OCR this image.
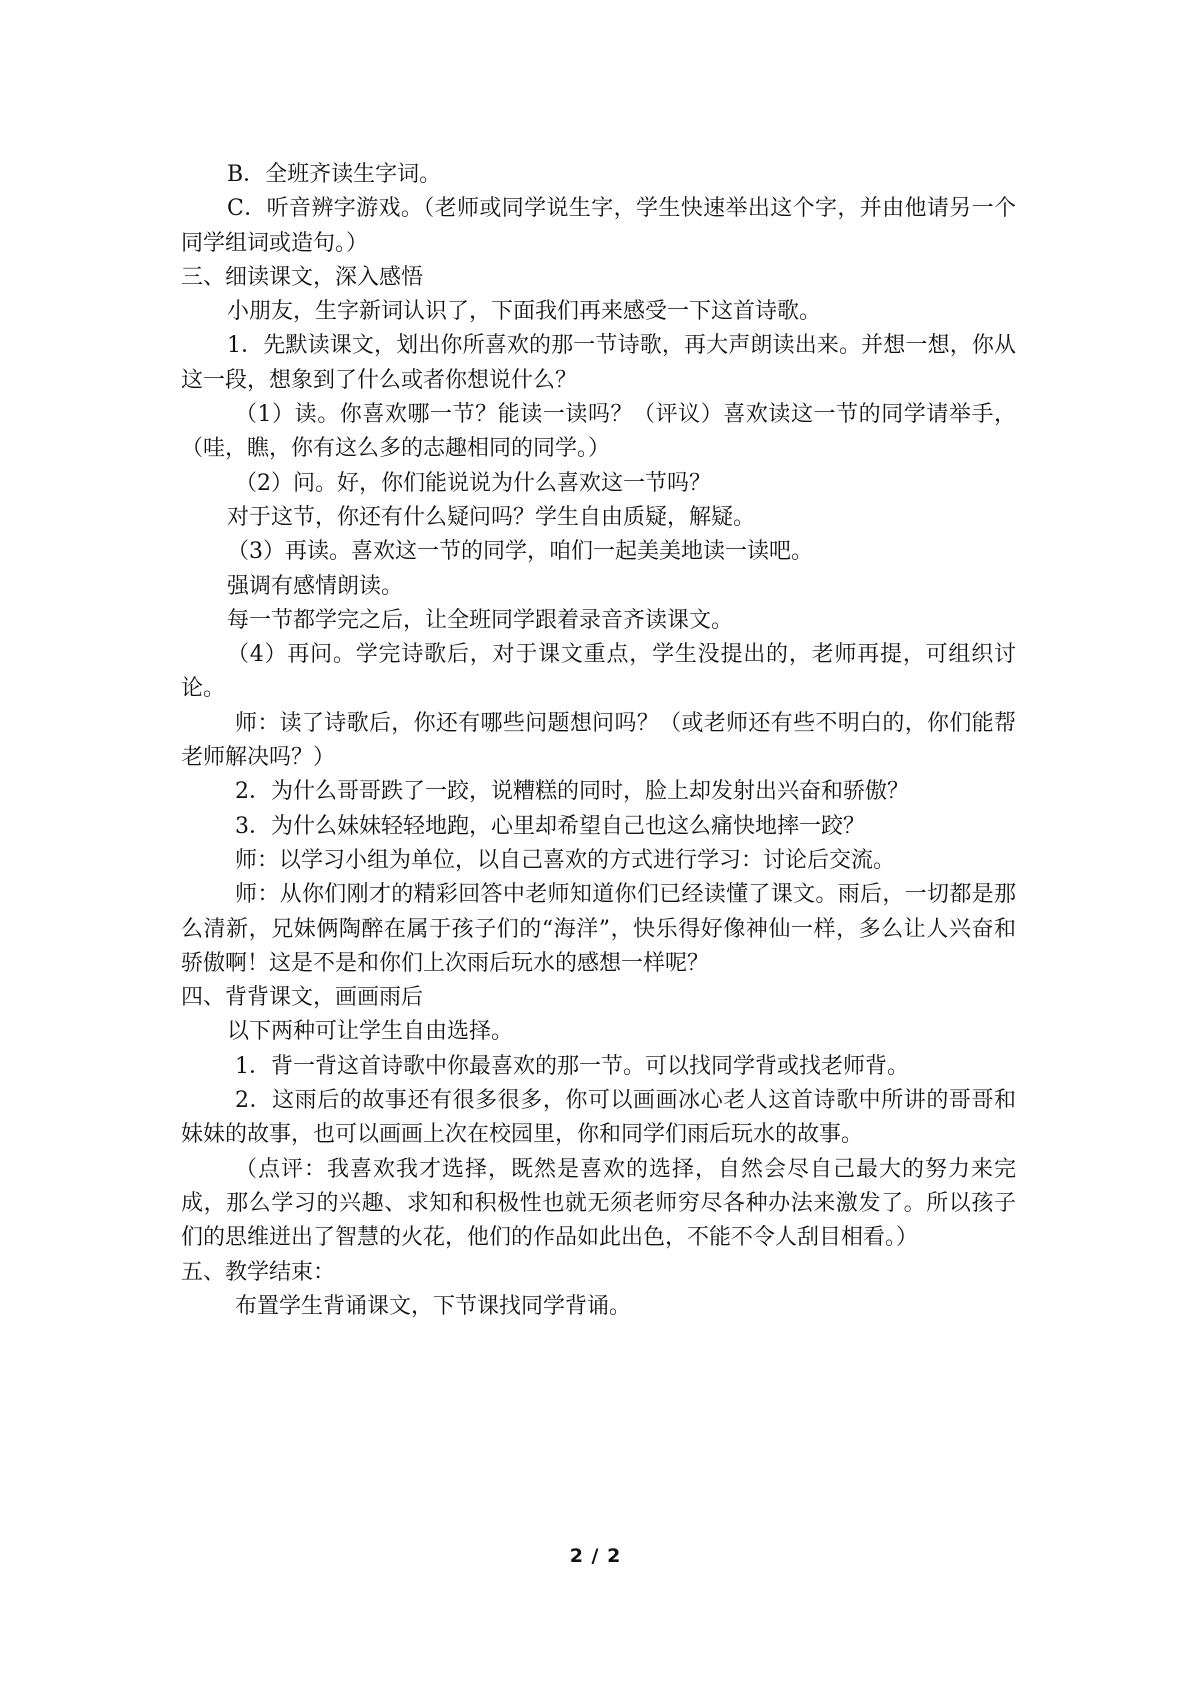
B．全班齐读生字词。

C．听音辨字游戏。（老师或同学说生字，学生快速举出这个字，并由他请另一个同学组词或造句。）

三、细读课文，深入感悟

小朋友，生字新词认识了，下面我们再来感受一下这首诗歌。

1．先默读课文，划出你所喜欢的那一节诗歌，再大声朗读出来。并想一想，你从这一段，想象到了什么或者你想说什么？

（1）读。你喜欢哪一节？能读一读吗？（评议）喜欢读这一节的同学请举手，（哇，瞧，你有这么多的志趣相同的同学。）

（2）问。好，你们能说说为什么喜欢这一节吗？

对于这节，你还有什么疑问吗？学生自由质疑，解疑。

（3）再读。喜欢这一节的同学，咱们一起美美地读一读吧。

强调有感情朗读。

每一节都学完之后，让全班同学跟着录音齐读课文。

（4）再问。学完诗歌后，对于课文重点，学生没提出的，老师再提，可组织讨论。

师：读了诗歌后，你还有哪些问题想问吗？（或老师还有些不明白的，你们能帮老师解决吗？）

2．为什么哥哥跌了一跤，说糟糕的同时，脸上却发射出兴奋和骄傲？

3．为什么妹妹轻轻地跑，心里却希望自己也这么痛快地摔一跤？

师：以学习小组为单位，以自己喜欢的方式进行学习：讨论后交流。

师：从你们刚才的精彩回答中老师知道你们已经读懂了课文。雨后，一切都是那么清新，兄妹俩陶醉在属于孩子们的“海洋”，快乐得好像神仙一样，多么让人兴奋和骄傲啊！这是不是和你们上次雨后玩水的感想一样呢？

四、背背课文，画画雨后

以下两种可让学生自由选择。

1．背一背这首诗歌中你最喜欢的那一节。可以找同学背或找老师背。

2．这雨后的故事还有很多很多，你可以画画冰心老人这首诗歌中所讲的哥哥和妹妹的故事，也可以画画上次在校园里，你和同学们雨后玩水的故事。

（点评：我喜欢我才选择，既然是喜欢的选择，自然会尽自己最大的努力来完成，那么学习的兴趣、求知和积极性也就无须老师穷尽各种办法来激发了。所以孩子们的思维迸出了智慧的火花，他们的作品如此出色，不能不令人刮目相看。）

五、教学结束：

布置学生背诵课文，下节课找同学背诵。

2 / 2
